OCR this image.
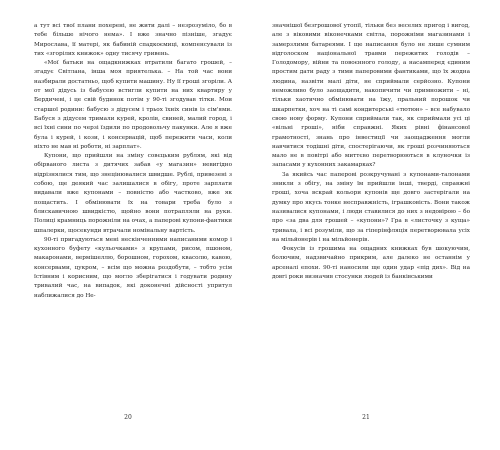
а тут всі твої плани похерені, не жити далі – незрозуміло, бо в тебе більше нічого нема». І вже значно пізніше, згадує Мирослава, її матері, як бабиній спадкоємиці, компенсували із тих «згорілих книжок» одну тисячу гривень.

«Мої батьки на ощадкнижках втратили багато грошей, – згадує Світлана, інша моя приятелька. – На той час вони назбирали достатньо, щоб купити машину. Ну її гроші згоріли. А от мої дідусь із бабусею встигли купити на них квартиру у Бердичеві, і це свій будинок потім у 90-ті згодував тітки. Мои старшої родини: бабусю з дідусем і трьох їхніх синів із сім'ями. Бабуся з дідусем тримали курей, кролів, свиней, малий город, і всі їхні сини по черзі їздили по продовольчу пакунки. Але я вже була і курей, і кози, і консервацій, щоб пережити часи, коли ніхто не мав ні роботи, ні зарплат».

Купони, що прийшли на зміну совєцьким рублям, які від обірваного листа з дитячих забав «у магазин» невигідно відрізнялися тим, що знецінювалися швидше. Рублі, привезені з собою, ще деякий час залишалися в обігу, проте зарплати видавали вже купонами – повністю або частково, вже як пощастить. І обмінювати їх на товари треба було з блискавичною швидкістю, щойно вони потрапляли на руки. Полиці крамниць порожніли на очах, а паперові купони-фантики шпалерки, щосекунди втрачали номінальну вартість.

90-ті пригадуються мені нескінченними написаними комор і кухонного буфету «кульочками» з крупами, рисом, пшоном, макаронами, вермішеллю, борошном, горохом, квасолю, кавою, консервами, цукром, – всім що можна роздобути, – тобто усім їстівним і корисним, що могло зберігатися і годувати родину тривалий час, на випадок, які доконечні дійсності упритул наближалися до Не-

20

значнішої безгрошової утопії, тільки без веселих пригод і вигод, але з віковими віконечками світла, порожніми магазинами і замерзлими батареями. І ще написання було не лише сумним відголоском національної травми пережитих голодів – Голодомору, війни та повоєнного голоду, а насамперед єдиним простим дати раду з тими паперовими фантиками, що їх жодна людина, назвіти малі діти, не сприймали серйозно. Купони неможливо було заощадити, накопичити чи примножити – ні, тільки хаотично обмінювати на їжу, пральний порошок чи шкарпетки, хоч на ті самі кондитерські «тютюн» – все набувало свою нову форму. Купони сприймали так, як сприймали усі ці «вільні гроші», ніби справжні. Яких рівні фінансової грамотності, знань про інвестиції чи заощадження могли навчитися тодішні діти, спостерігаючи, як гроші розчиняються мало не в повітрі або миттєво перетворюються в клуночки із запасами у кухонних закамарках?

За якийсь час паперові розкручувані з купонами-талонами зникли з обігу, на зміну їм прийшли інші, тверді, справжні гроші, хоча вскрай кольори купонів ще довго застерігали на думку про якусь тонке несправжність, іграшковість. Вони також називалися купонами, і люди ставилися до них з недовірою – бо про «за два для грошей – «купони»? Гра в «листочку з куща» тривала, і всі розуміли, що за гіперінфляція перетворювала усіх на мільйонерів і на мільйонерів.

Фокусів із грошима на ощадних книжках був шокуючим, болючим, надзвичайно прикрим, але далеко не останнім у арсеналі епохи. 90-ті наносили ще один удар «під дих». Від на довгі роки визначив стосунки людей із банківськими

21
